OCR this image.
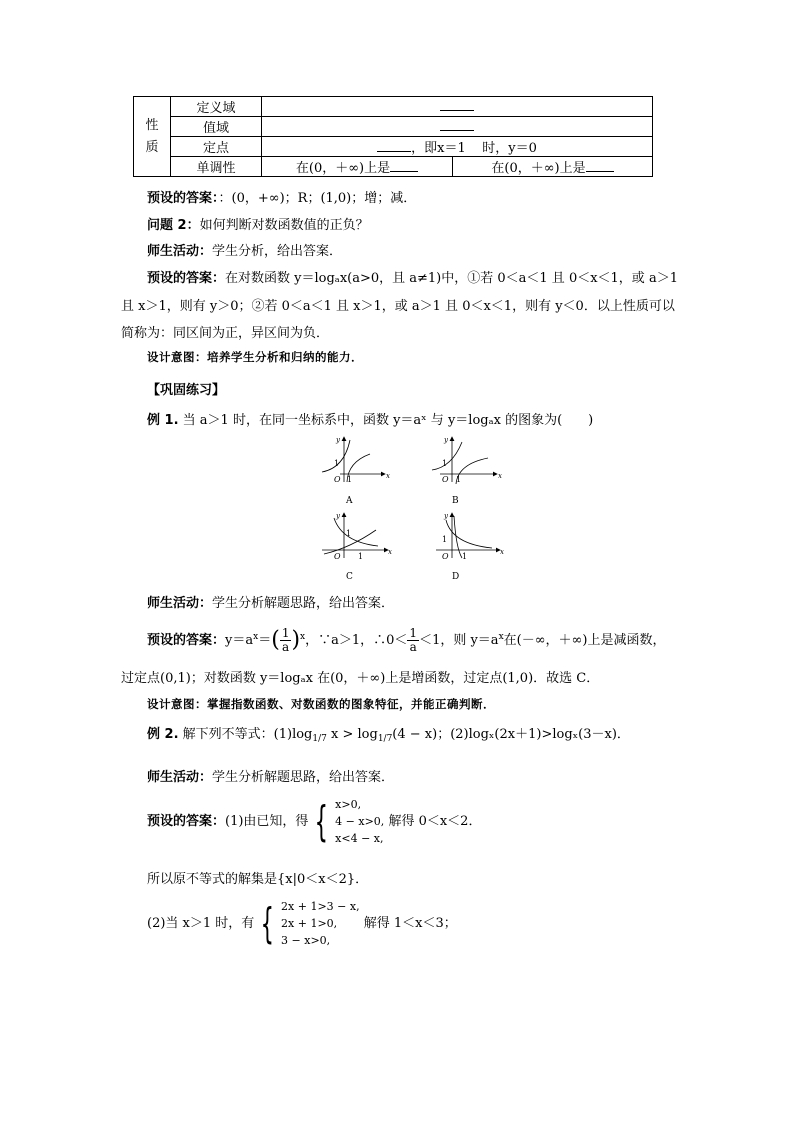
性质	定义域		
	值域		
	定点	，即x＝1 时，y＝0	
	单调性	在(0，＋∞)上是	在(0，＋∞)上是
预设的答案：：(0，+∞)；R；(1,0)；增；减．
问题 2：如何判断对数函数值的正负？
师生活动：学生分析，给出答案．
预设的答案：在对数函数 y＝logₐx(a>0，且 a≠1)中，①若 0＜a＜1 且 0＜x＜1，或 a＞1
且 x＞1，则有 y＞0；②若 0＜a＜1 且 x＞1，或 a＞1 且 0＜x＜1，则有 y＜0．以上性质可以
简称为：同区间为正，异区间为负．
设计意图：培养学生分析和归纳的能力．
【巩固练习】
例 1. 当 a＞1 时，在同一坐标系中，函数 y＝aˣ 与 y＝logₐx 的图象为(　　)
y
x
O 1
1
A
y
x
O 1
1
B
y
x
O 1
1
C
y
x
O 1
1
D
师生活动：学生分析解题思路，给出答案．
预设的答案：$y=a^x=( \frac{1}{a} )^x$，∵a＞1，∴0＜ $\frac{1}{a} <1$，则 $y=a^x$在(－∞，＋∞)上是减函数，
过定点(0,1)；对数函数 y＝logₐx 在(0，＋∞)上是增函数，过定点(1,0)．故选 C．
设计意图：掌握指数函数、对数函数的图象特征，并能正确判断．
例 2. 解下列不等式：$(1)\log_{1/7}$ $x > \log_{1/7}(4 - x)$；(2)logₓ(2x＋1)>logₓ(3－x)．
师生活动：学生分析解题思路，给出答案．
预设的答案：(1)由已知，得 { x>0,
4 − x>0,
x<4 − x,
解得 0＜x＜2．
所以原不等式的解集是{x|0＜x＜2}．
(2)当 x＞1 时，有 { 2x + 1>3 − x,
2x + 1>0,
3 − x>0,
解得 1＜x＜3；
